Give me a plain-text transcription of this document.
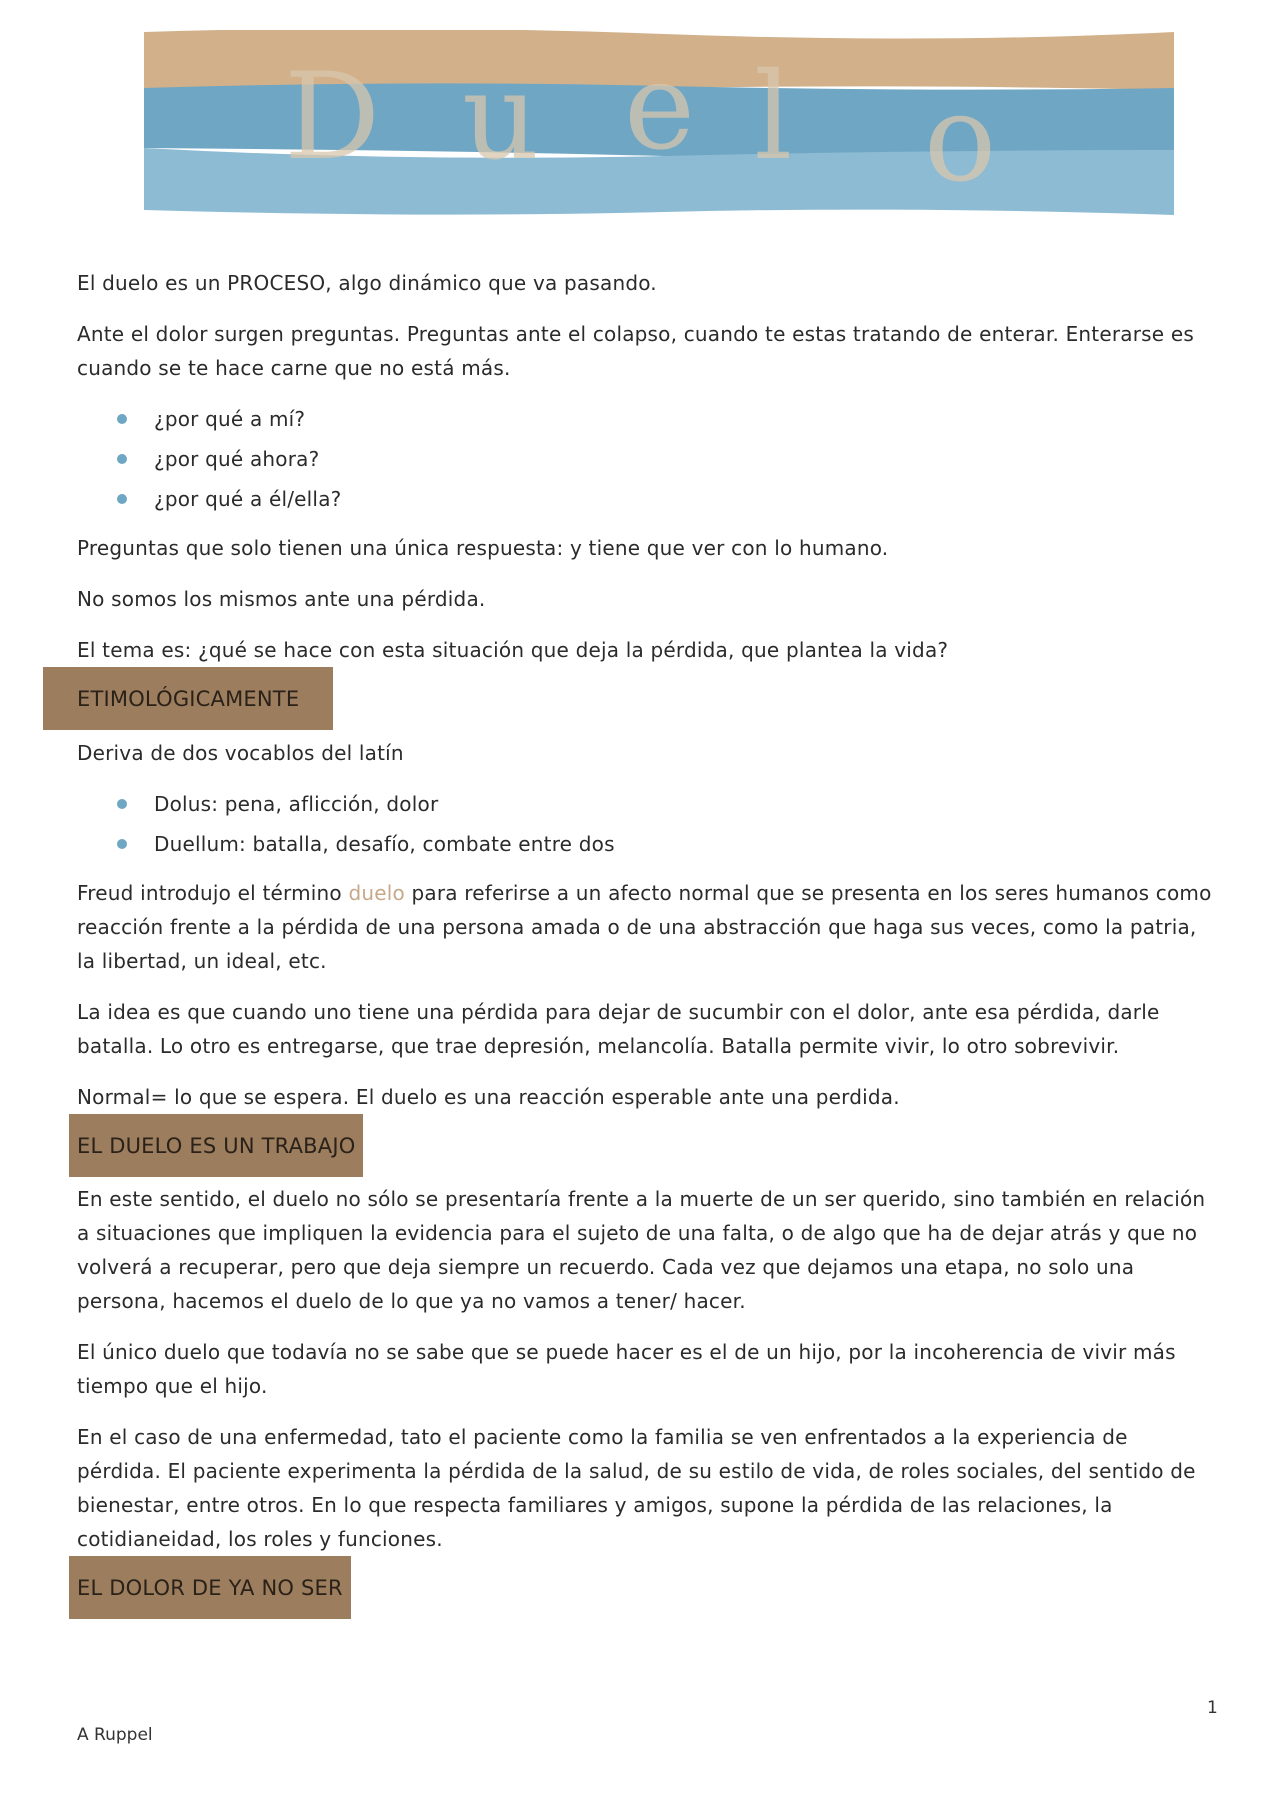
D u e l o

El duelo es un PROCESO, algo dinámico que va pasando.

Ante el dolor surgen preguntas. Preguntas ante el colapso, cuando te estas tratando de enterar. Enterarse es cuando se te hace carne que no está más.

¿por qué a mí?
¿por qué ahora?
¿por qué a él/ella?

Preguntas que solo tienen una única respuesta: y tiene que ver con lo humano.

No somos los mismos ante una pérdida.

El tema es: ¿qué se hace con esta situación que deja la pérdida, que plantea la vida?

ETIMOLÓGICAMENTE

Deriva de dos vocablos del latín

Dolus: pena, aflicción, dolor
Duellum: batalla, desafío, combate entre dos

Freud introdujo el término duelo para referirse a un afecto normal que se presenta en los seres humanos como reacción frente a la pérdida de una persona amada o de una abstracción que haga sus veces, como la patria, la libertad, un ideal, etc.

La idea es que cuando uno tiene una pérdida para dejar de sucumbir con el dolor, ante esa pérdida, darle batalla. Lo otro es entregarse, que trae depresión, melancolía. Batalla permite vivir, lo otro sobrevivir.

Normal= lo que se espera. El duelo es una reacción esperable ante una perdida.

EL DUELO ES UN TRABAJO

En este sentido, el duelo no sólo se presentaría frente a la muerte de un ser querido, sino también en relación a situaciones que impliquen la evidencia para el sujeto de una falta, o de algo que ha de dejar atrás y que no volverá a recuperar, pero que deja siempre un recuerdo. Cada vez que dejamos una etapa, no solo una persona, hacemos el duelo de lo que ya no vamos a tener/ hacer.

El único duelo que todavía no se sabe que se puede hacer es el de un hijo, por la incoherencia de vivir más tiempo que el hijo.

En el caso de una enfermedad, tato el paciente como la familia se ven enfrentados a la experiencia de pérdida. El paciente experimenta la pérdida de la salud, de su estilo de vida, de roles sociales, del sentido de bienestar, entre otros. En lo que respecta familiares y amigos, supone la pérdida de las relaciones, la cotidianeidad, los roles y funciones.

EL DOLOR DE YA NO SER
1
A Ruppel
